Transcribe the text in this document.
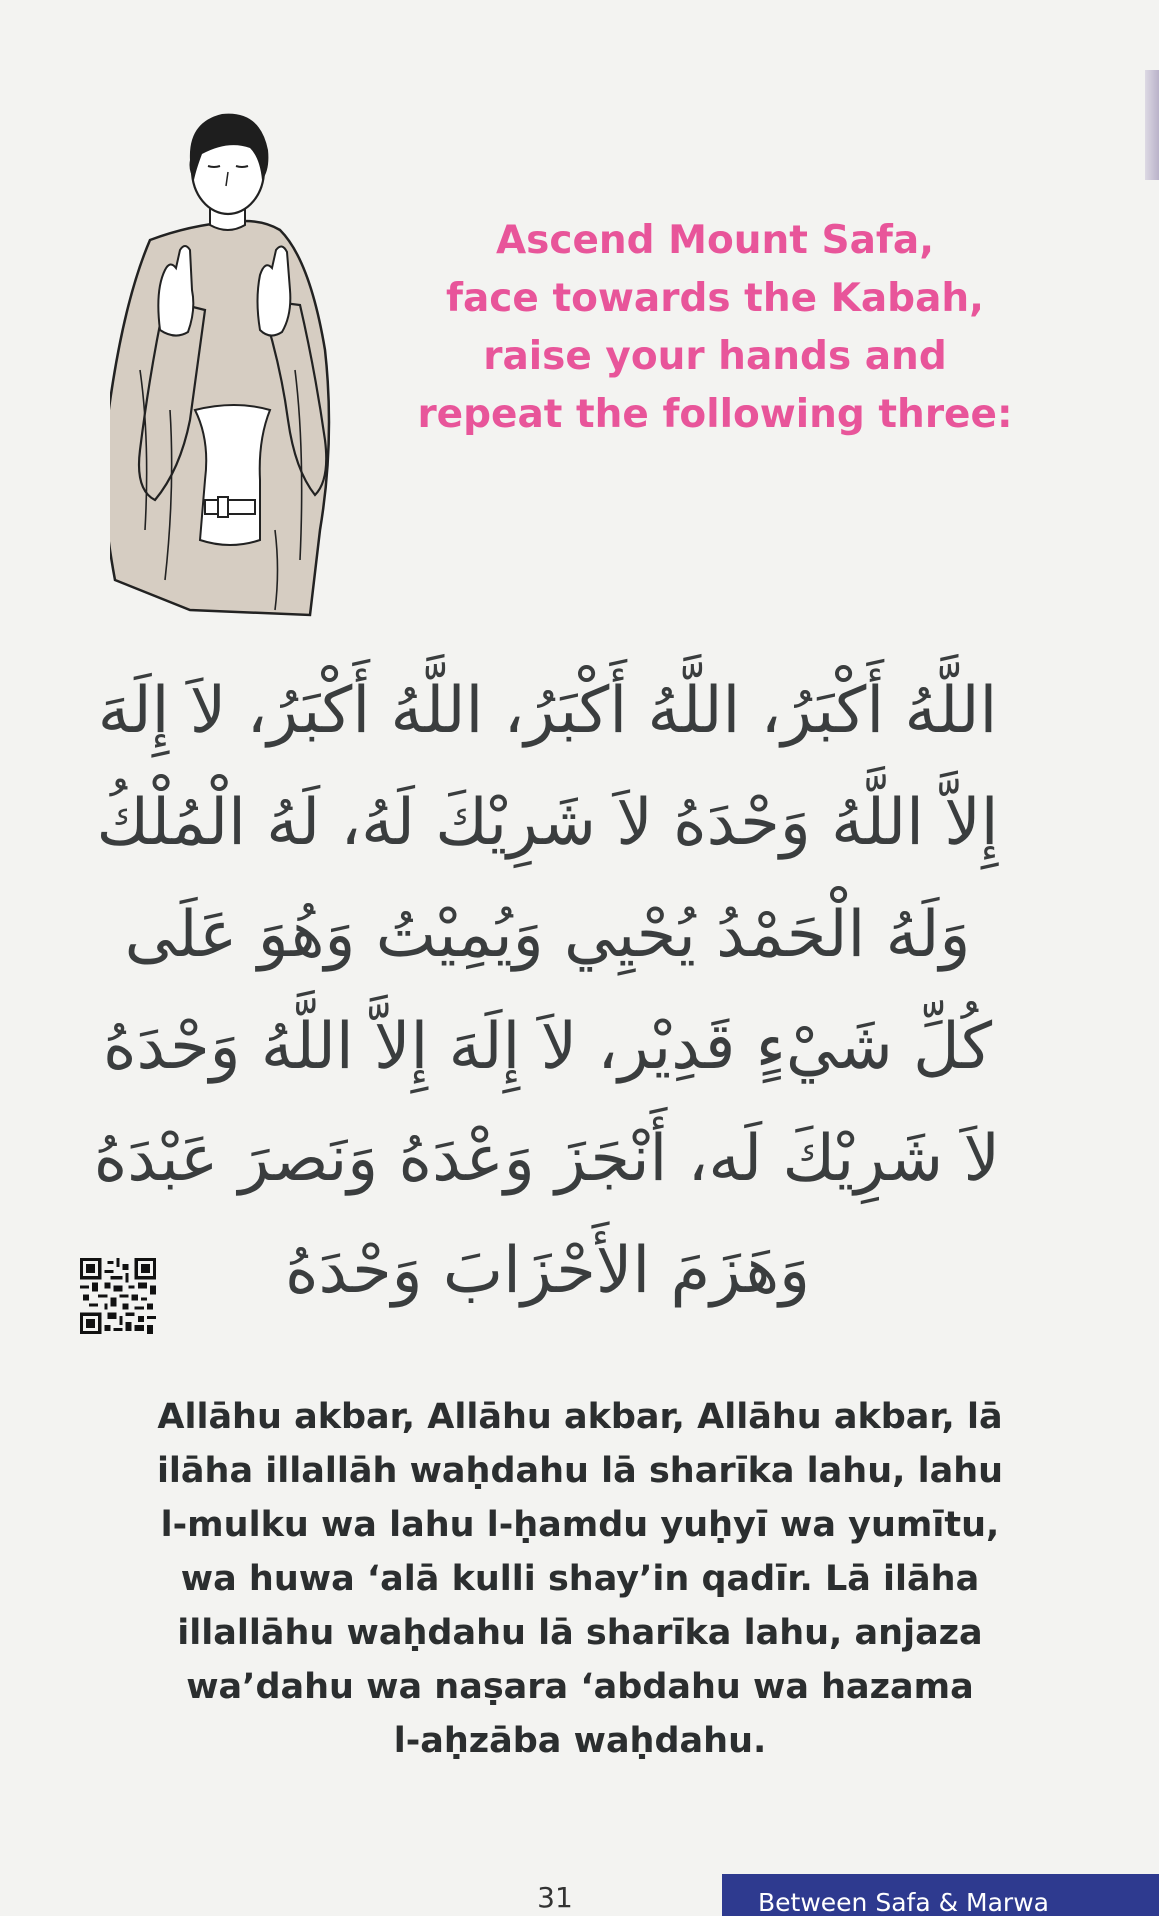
Ascend Mount Safa,
face towards the Kabah,
raise your hands and
repeat the following three:
اللَّهُ أَكْبَرُ، اللَّهُ أَكْبَرُ، اللَّهُ أَكْبَرُ، لاَ إِلَهَ
إِلاَّ اللَّهُ وَحْدَهُ لاَ شَرِيْكَ لَهُ، لَهُ الْمُلْكُ
وَلَهُ الْحَمْدُ يُحْيِي وَيُمِيْتُ وَهُوَ عَلَى
كُلِّ شَيْءٍ قَدِيْر، لاَ إِلَهَ إِلاَّ اللَّهُ وَحْدَهُ
لاَ شَرِيْكَ لَه، أَنْجَزَ وَعْدَهُ وَنَصرَ عَبْدَهُ
وَهَزَمَ الأَحْزَابَ وَحْدَهُ
Allāhu akbar, Allāhu akbar, Allāhu akbar, lā
ilāha illallāh waḥdahu lā sharīka lahu, lahu
l-mulku wa lahu l-ḥamdu yuḥyī wa yumītu,
wa huwa ‘alā kulli shay’in qadīr. Lā ilāha
illallāhu waḥdahu lā sharīka lahu, anjaza
wa’dahu wa naṣara ‘abdahu wa hazama
l-aḥzāba waḥdahu.
31	Between Safa & Marwa
